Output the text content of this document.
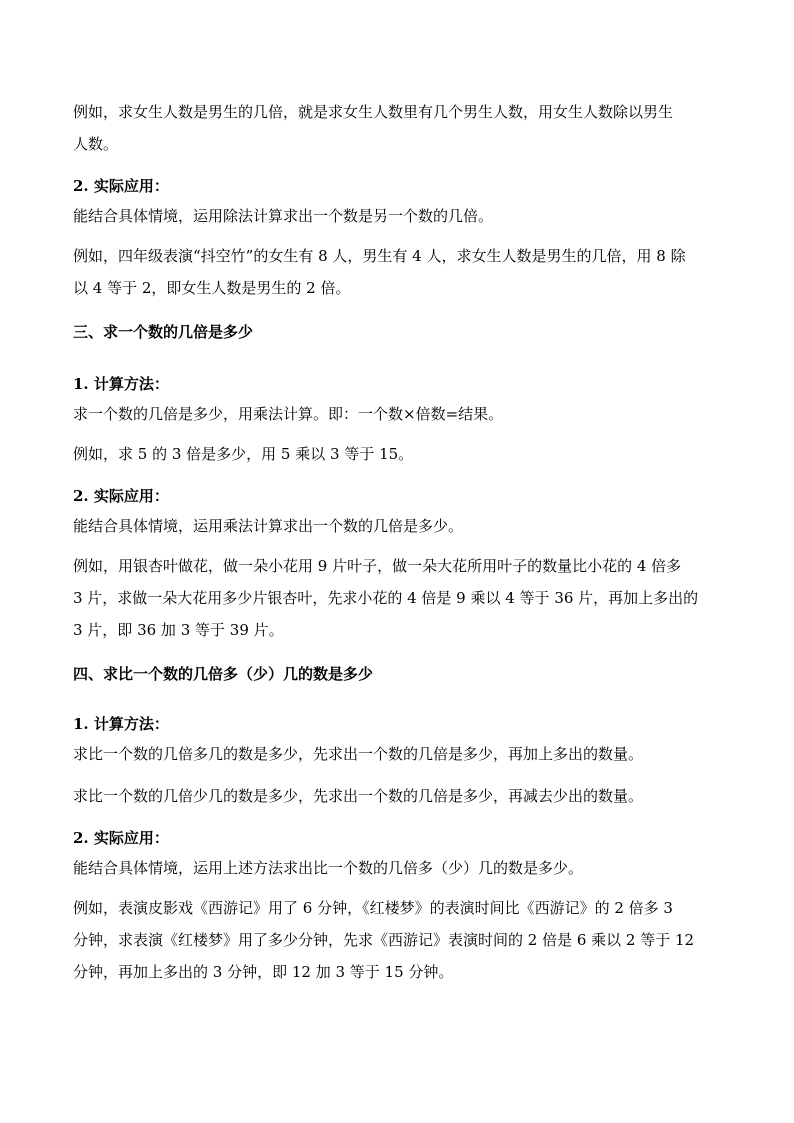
例如，求女生人数是男生的几倍，就是求女生人数里有几个男生人数，用女生人数除以男生
人数。

2. 实际应用：

能结合具体情境，运用除法计算求出一个数是另一个数的几倍。

例如，四年级表演“抖空竹”的女生有 8 人，男生有 4 人，求女生人数是男生的几倍，用 8 除
以 4 等于 2，即女生人数是男生的 2 倍。

三、求一个数的几倍是多少

1. 计算方法：

求一个数的几倍是多少，用乘法计算。即：一个数×倍数=结果。

例如，求 5 的 3 倍是多少，用 5 乘以 3 等于 15。

2. 实际应用：

能结合具体情境，运用乘法计算求出一个数的几倍是多少。

例如，用银杏叶做花，做一朵小花用 9 片叶子，做一朵大花所用叶子的数量比小花的 4 倍多
3 片，求做一朵大花用多少片银杏叶，先求小花的 4 倍是 9 乘以 4 等于 36 片，再加上多出的
3 片，即 36 加 3 等于 39 片。

四、求比一个数的几倍多（少）几的数是多少

1. 计算方法：

求比一个数的几倍多几的数是多少，先求出一个数的几倍是多少，再加上多出的数量。

求比一个数的几倍少几的数是多少，先求出一个数的几倍是多少，再减去少出的数量。

2. 实际应用：

能结合具体情境，运用上述方法求出比一个数的几倍多（少）几的数是多少。

例如，表演皮影戏《西游记》用了 6 分钟，《红楼梦》的表演时间比《西游记》的 2 倍多 3
分钟，求表演《红楼梦》用了多少分钟，先求《西游记》表演时间的 2 倍是 6 乘以 2 等于 12
分钟，再加上多出的 3 分钟，即 12 加 3 等于 15 分钟。
